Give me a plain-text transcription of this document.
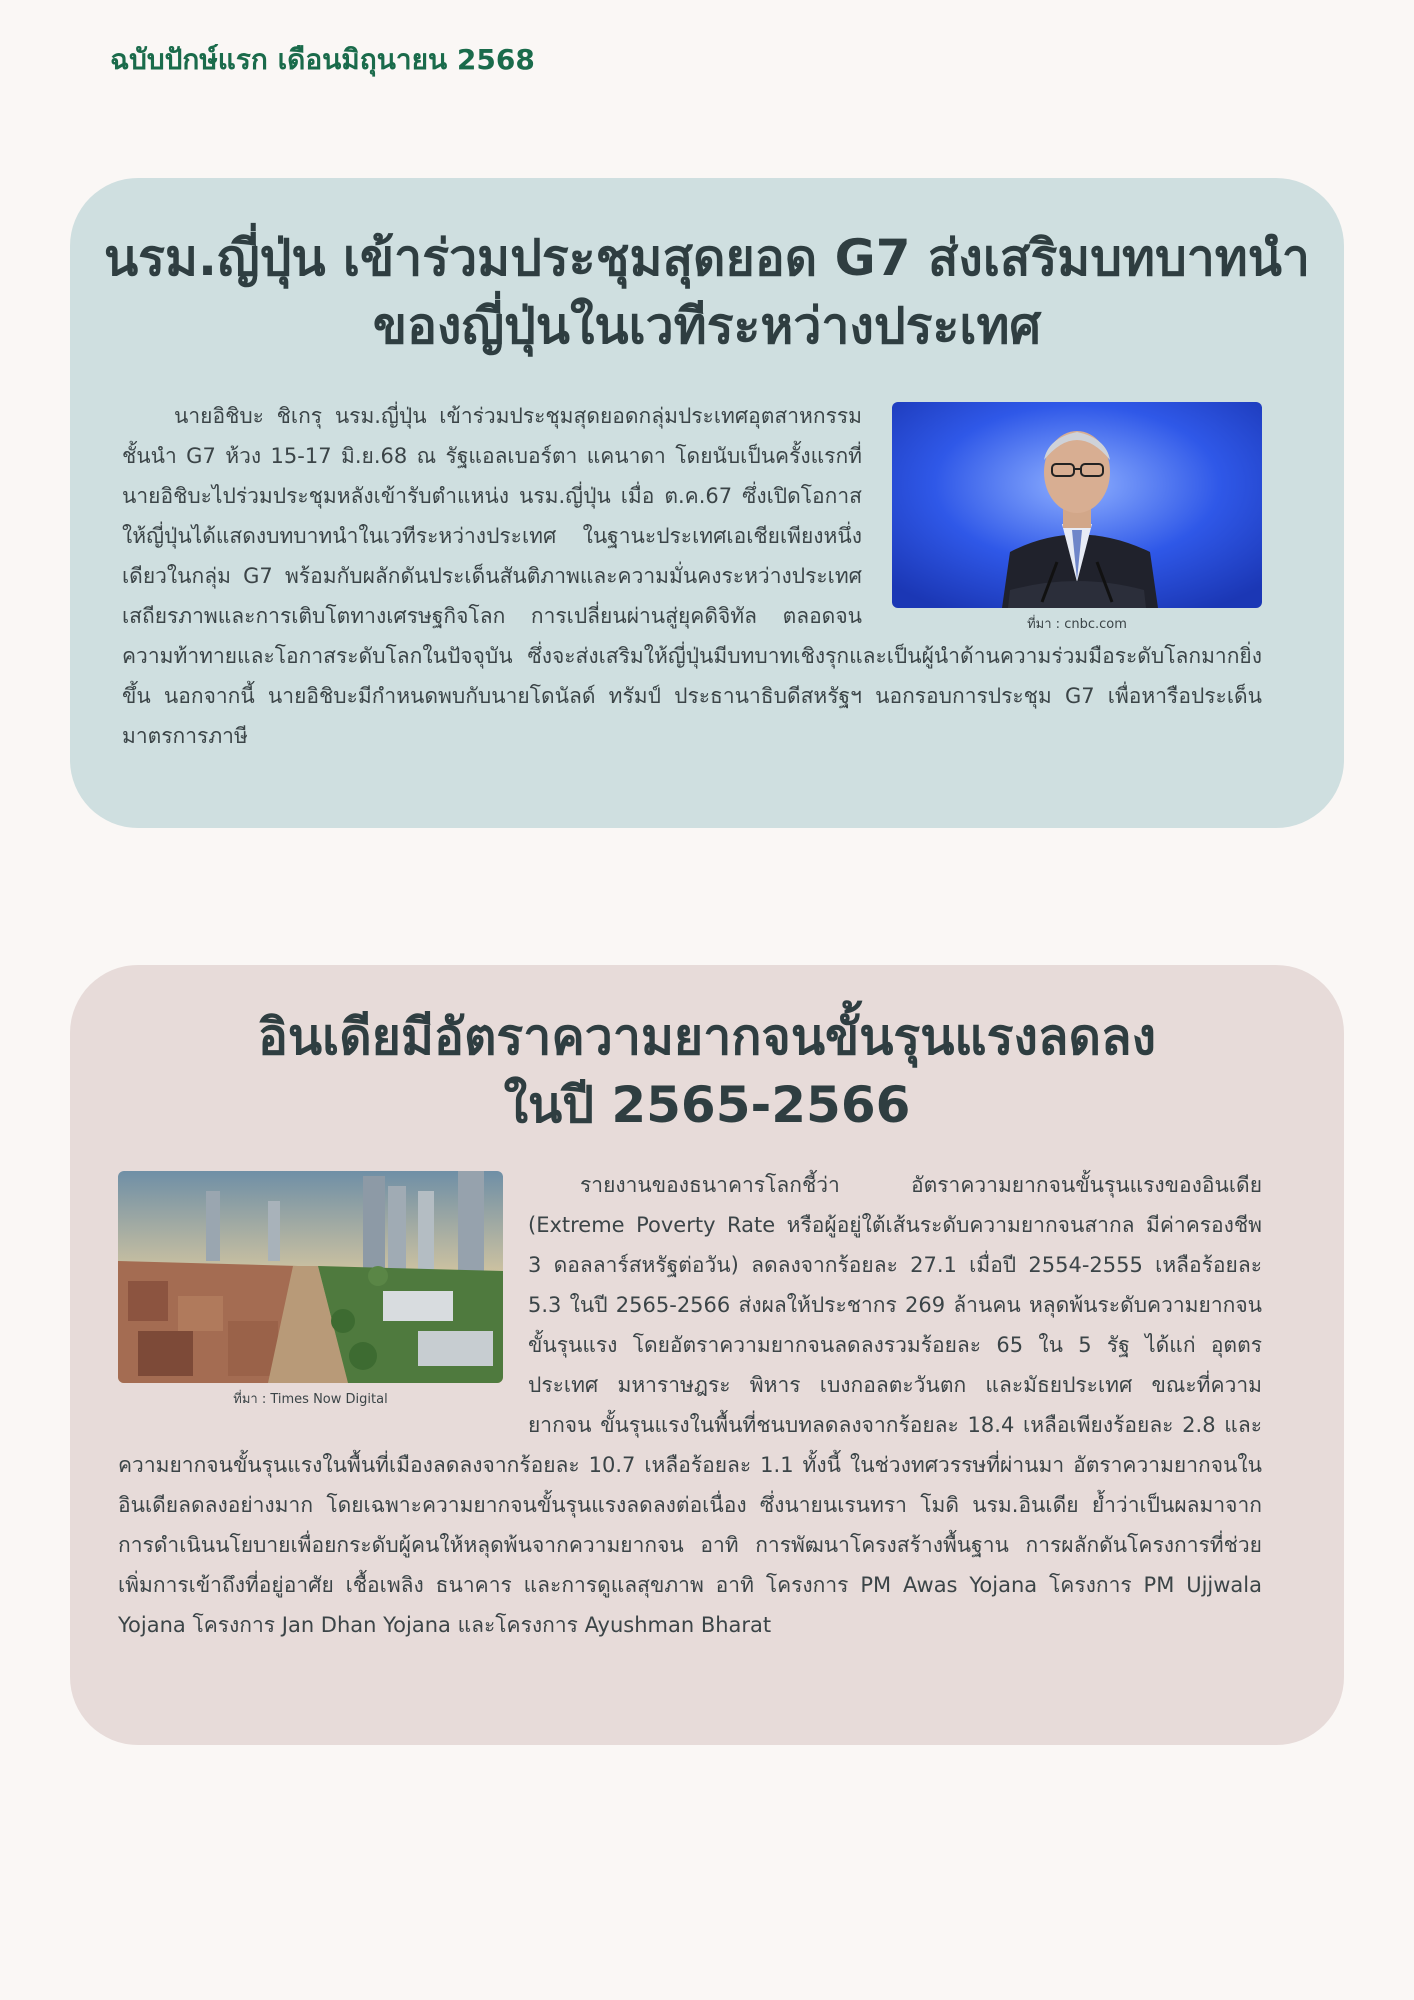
ฉบับปักษ์แรก เดือนมิถุนายน 2568

นรม.ญี่ปุ่น เข้าร่วมประชุมสุดยอด G7 ส่งเสริมบทบาทนำ
ของญี่ปุ่นในเวทีระหว่างประเทศ
ที่มา : cnbc.com
นายอิชิบะ ชิเกรุ นรม.ญี่ปุ่น เข้าร่วมประชุมสุดยอดกลุ่มประเทศอุตสาหกรรมชั้นนำ G7 ห้วง 15-17 มิ.ย.68 ณ รัฐแอลเบอร์ตา แคนาดา โดยนับเป็นครั้งแรกที่นายอิชิบะไปร่วมประชุมหลังเข้ารับตำแหน่ง นรม.ญี่ปุ่น เมื่อ ต.ค.67 ซึ่งเปิดโอกาสให้ญี่ปุ่นได้แสดงบทบาทนำในเวทีระหว่างประเทศ ในฐานะประเทศเอเชียเพียงหนึ่งเดียวในกลุ่ม G7 พร้อมกับผลักดันประเด็นสันติภาพและความมั่นคงระหว่างประเทศ เสถียรภาพและการเติบโตทางเศรษฐกิจโลก การเปลี่ยนผ่านสู่ยุคดิจิทัล ตลอดจนความท้าทายและโอกาสระดับโลกในปัจจุบัน ซึ่งจะส่งเสริมให้ญี่ปุ่นมีบทบาทเชิงรุกและเป็นผู้นำด้านความร่วมมือระดับโลกมากยิ่งขึ้น นอกจากนี้ นายอิชิบะมีกำหนดพบกับนายโดนัลด์ ทรัมป์ ประธานาธิบดีสหรัฐฯ นอกรอบการประชุม G7 เพื่อหารือประเด็นมาตรการภาษี
อินเดียมีอัตราความยากจนขั้นรุนแรงลดลง
ในปี 2565-2566
ที่มา : Times Now Digital
รายงานของธนาคารโลกชี้ว่า อัตราความยากจนขั้นรุนแรงของอินเดีย (Extreme Poverty Rate หรือผู้อยู่ใต้เส้นระดับความยากจนสากล มีค่าครองชีพ 3 ดอลลาร์สหรัฐต่อวัน) ลดลงจากร้อยละ 27.1 เมื่อปี 2554-2555 เหลือร้อยละ 5.3 ในปี 2565-2566 ส่งผลให้ประชากร 269 ล้านคน หลุดพ้นระดับความยากจนขั้นรุนแรง โดยอัตราความยากจนลดลงรวมร้อยละ 65 ใน 5 รัฐ ได้แก่ อุตตรประเทศ มหาราษฎระ พิหาร เบงกอลตะวันตก และมัธยประเทศ ขณะที่ความยากจน ขั้นรุนแรงในพื้นที่ชนบทลดลงจากร้อยละ 18.4 เหลือเพียงร้อยละ 2.8 และความยากจนขั้นรุนแรงในพื้นที่เมืองลดลงจากร้อยละ 10.7 เหลือร้อยละ 1.1 ทั้งนี้ ในช่วงทศวรรษที่ผ่านมา อัตราความยากจนในอินเดียลดลงอย่างมาก โดยเฉพาะความยากจนขั้นรุนแรงลดลงต่อเนื่อง ซึ่งนายนเรนทรา โมดิ นรม.อินเดีย ย้ำว่าเป็นผลมาจากการดำเนินนโยบายเพื่อยกระดับผู้คนให้หลุดพ้นจากความยากจน อาทิ การพัฒนาโครงสร้างพื้นฐาน การผลักดันโครงการที่ช่วยเพิ่มการเข้าถึงที่อยู่อาศัย เชื้อเพลิง ธนาคาร และการดูแลสุขภาพ อาทิ โครงการ PM Awas Yojana โครงการ PM Ujjwala Yojana โครงการ Jan Dhan Yojana และโครงการ Ayushman Bharat
